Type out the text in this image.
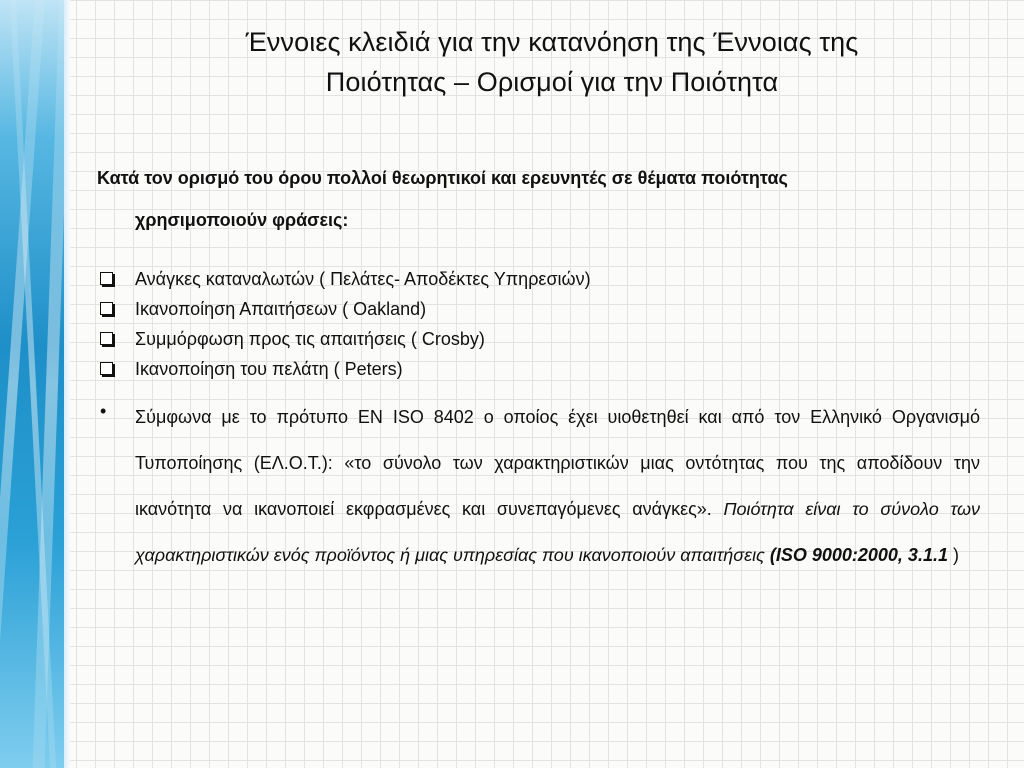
Έννοιες κλειδιά για την κατανόηση της Έννοιας της
Ποιότητας – Ορισμοί για την Ποιότητα
Κατά τον ορισμό του όρου πολλοί θεωρητικοί και ερευνητές σε θέματα ποιότητας
χρησιμοποιούν φράσεις:
Ανάγκες καταναλωτών ( Πελάτες- Αποδέκτες Υπηρεσιών)
Ικανοποίηση Απαιτήσεων ( Oakland)
Συμμόρφωση προς τις απαιτήσεις ( Crosby)
Ικανοποίηση του πελάτη ( Peters)
•

Σύμφωνα με το πρότυπο ΕΝ ISO 8402 ο οποίος έχει υιοθετηθεί και από τον Ελληνικό Οργανισμό Τυποποίησης (ΕΛ.Ο.Τ.): «το σύνολο των χαρακτηριστικών μιας οντότητας που της αποδίδουν την ικανότητα να ικανοποιεί εκφρασμένες και συνεπαγόμενες ανάγκες». Ποιότητα είναι το σύνολο των χαρακτηριστικών ενός προϊόντος ή μιας υπηρεσίας που ικανοποιούν απαιτήσεις (ISO 9000:2000, 3.1.1 )
